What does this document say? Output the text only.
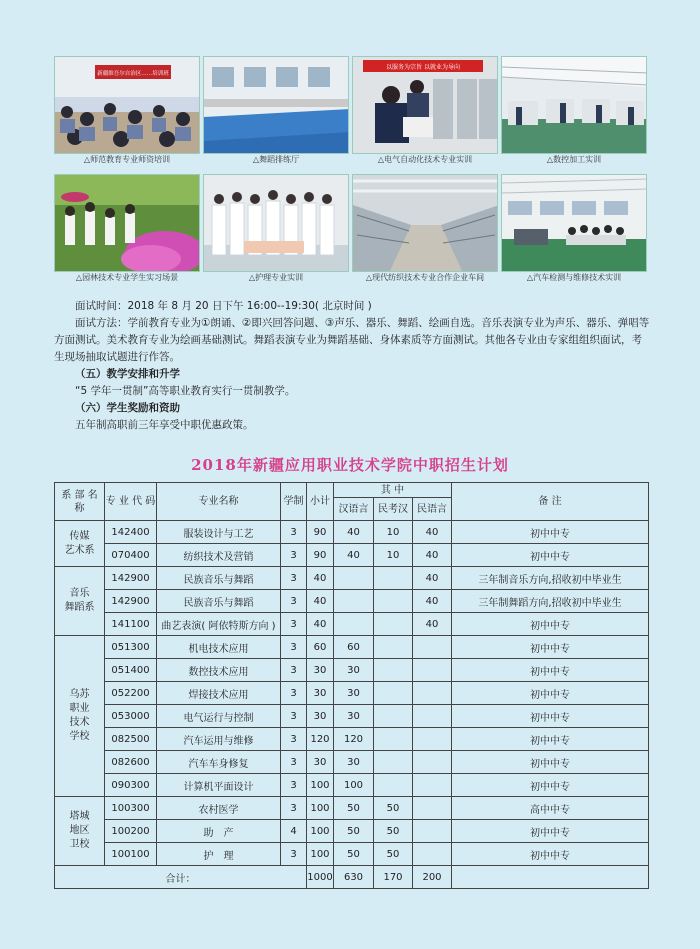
新疆维吾尔自治区……培训班
△师范教育专业师资培训	△舞蹈排练厅
以服务为宗旨 以就业为导向
△电气自动化技术专业实训	△数控加工实训
△园林技术专业学生实习场景	△护理专业实训	△现代纺织技术专业合作企业车间	△汽车检测与维修技术实训

面试时间：2018 年 8 月 20 日下午 16:00--19:30( 北京时间 )

面试方法：学前教育专业为①朗诵、②即兴回答问题、③声乐、器乐、舞蹈、绘画自选。音乐表演专业为声乐、器乐、弹唱等方面测试。美术教育专业为绘画基础测试。舞蹈表演专业为舞蹈基础、身体素质等方面测试。其他各专业由专家组组织面试，考生现场抽取试题进行作答。

（五）教学安排和升学

“5 学年一贯制”高等职业教育实行一贯制教学。

（六）学生奖励和资助

五年制高职前三年享受中职优惠政策。

2018年新疆应用职业技术学院中职招生计划
系 部 名 称	专 业 代 码	专业名称	学制	小计	其 中			备 注
					汉语言	民考汉	民语言	

传媒
艺术系	142400	服装设计与工艺	3	90	40	10	40	初中中专
	070400	纺织技术及营销	3	90	40	10	40	初中中专

音乐
舞蹈系	142900	民族音乐与舞蹈	3	40			40	三年制音乐方向,招收初中毕业生
	142900	民族音乐与舞蹈	3	40			40	三年制舞蹈方向,招收初中毕业生
	141100	曲艺表演( 阿依特斯方向 )	3	40			40	初中中专

乌苏
职业
技术
学校	051300	机电技术应用	3	60	60			初中中专
	051400	数控技术应用	3	30	30			初中中专
	052200	焊接技术应用	3	30	30			初中中专
	053000	电气运行与控制	3	30	30			初中中专
	082500	汽车运用与维修	3	120	120			初中中专
	082600	汽车车身修复	3	30	30			初中中专
	090300	计算机平面设计	3	100	100			初中中专

塔城
地区
卫校	100300	农村医学	3	100	50	50		高中中专
	100200	助　产	4	100	50	50		初中中专
	100100	护　理	3	100	50	50		初中中专
合计：				1000	630	170	200	
